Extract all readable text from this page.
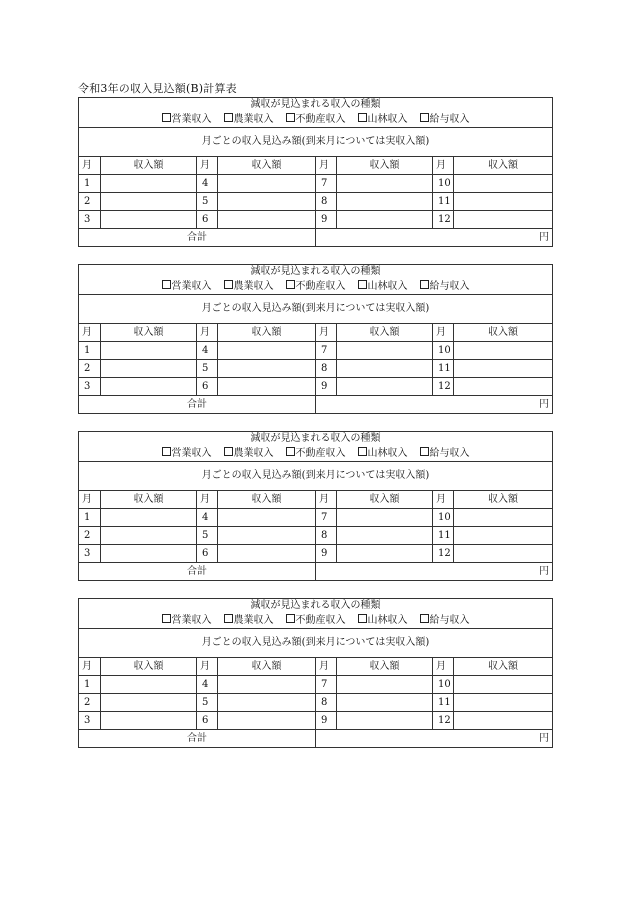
令和3年の収入見込額(B)計算表
減収が見込まれる収入の種類							
営業収入 農業収入 不動産収入 山林収入 給与収入							
月ごとの収入見込み額(到来月については実収入額)							
月	収入額	月	収入額	月	収入額	月	収入額
1		4		7		10	
2		5		8		11	
3		6		9		12	
合計				円			
減収が見込まれる収入の種類							
営業収入 農業収入 不動産収入 山林収入 給与収入							
月ごとの収入見込み額(到来月については実収入額)							
月	収入額	月	収入額	月	収入額	月	収入額
1		4		7		10	
2		5		8		11	
3		6		9		12	
合計				円			
減収が見込まれる収入の種類							
営業収入 農業収入 不動産収入 山林収入 給与収入							
月ごとの収入見込み額(到来月については実収入額)							
月	収入額	月	収入額	月	収入額	月	収入額
1		4		7		10	
2		5		8		11	
3		6		9		12	
合計				円			
減収が見込まれる収入の種類							
営業収入 農業収入 不動産収入 山林収入 給与収入							
月ごとの収入見込み額(到来月については実収入額)							
月	収入額	月	収入額	月	収入額	月	収入額
1		4		7		10	
2		5		8		11	
3		6		9		12	
合計				円			
